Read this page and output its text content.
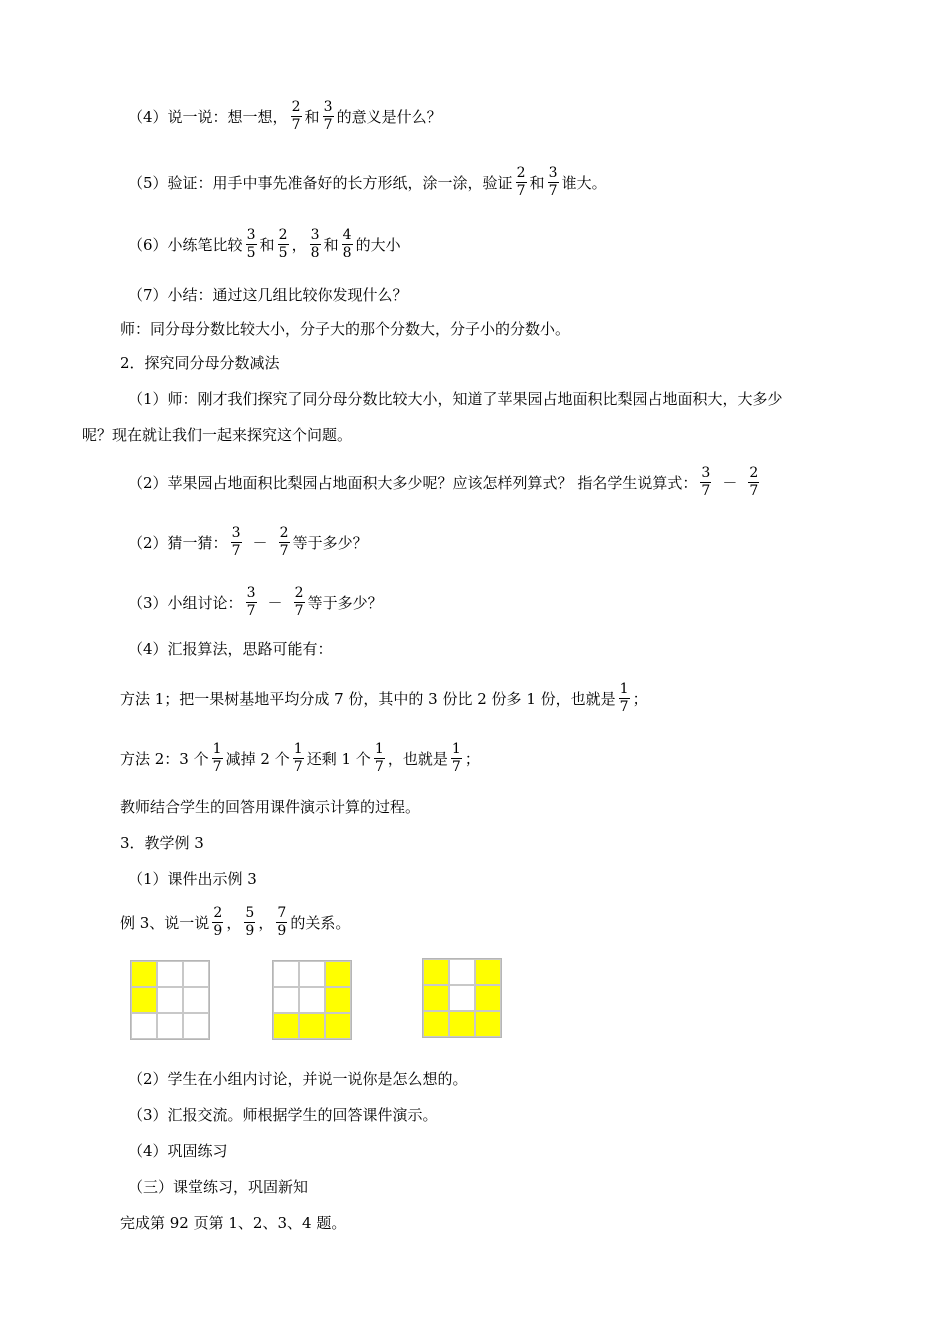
（4）说一说：想一想， $\frac{2}{7}$ 和 $\frac{3}{7}$ 的意义是什么？
（5）验证：用手中事先准备好的长方形纸，涂一涂，验证 $\frac{2}{7}$ 和 $\frac{3}{7}$ 谁大。
（6）小练笔比较 $\frac{3}{5}$ 和 $\frac{2}{5}$ ， $\frac{3}{8}$ 和 $\frac{4}{8}$ 的大小
（7）小结：通过这几组比较你发现什么？
师：同分母分数比较大小，分子大的那个分数大，分子小的分数小。
2．探究同分母分数减法
（1）师：刚才我们探究了同分母分数比较大小，知道了苹果园占地面积比梨园占地面积大，大多少
呢？现在就让我们一起来探究这个问题。
（2）苹果园占地面积比梨园占地面积大多少呢？应该怎样列算式？ 指名学生说算式： $\frac{3}{7} - \frac{2}{7}$
（2）猜一猜： $\frac{3}{7} - \frac{2}{7}$ 等于多少？
（3）小组讨论： $\frac{3}{7} - \frac{2}{7}$ 等于多少？
（4）汇报算法，思路可能有：
方法 1；把一果树基地平均分成 7 份，其中的 3 份比 2 份多 1 份，也就是 $\frac{1}{7}$ ；
方法 2：3 个 $\frac{1}{7}$ 减掉 2 个 $\frac{1}{7}$ 还剩 1 个 $\frac{1}{7}$ ，也就是 $\frac{1}{7}$ ；
教师结合学生的回答用课件演示计算的过程。
3．教学例 3
（1）课件出示例 3
例 3、说一说 $\frac{2}{9}$ ， $\frac{5}{9}$ ， $\frac{7}{9}$ 的关系。
（2）学生在小组内讨论，并说一说你是怎么想的。
（3）汇报交流。师根据学生的回答课件演示。
（4）巩固练习
（三）课堂练习，巩固新知
完成第 92 页第 1、2、3、4 题。
